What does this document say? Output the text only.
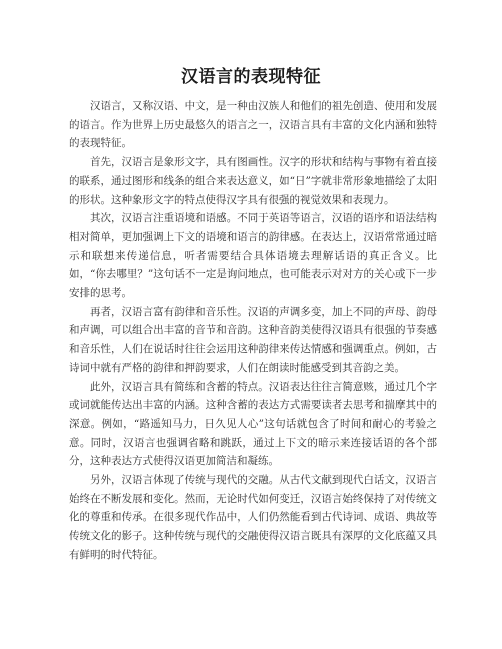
汉语言的表现特征

汉语言，又称汉语、中文，是一种由汉族人和他们的祖先创造、使用和发展的语言。作为世界上历史最悠久的语言之一，汉语言具有丰富的文化内涵和独特的表现特征。

首先，汉语言是象形文字，具有图画性。汉字的形状和结构与事物有着直接的联系，通过图形和线条的组合来表达意义，如“日”字就非常形象地描绘了太阳的形状。这种象形文字的特点使得汉字具有很强的视觉效果和表现力。

其次，汉语言注重语境和语感。不同于英语等语言，汉语的语序和语法结构相对简单，更加强调上下文的语境和语言的韵律感。在表达上，汉语常常通过暗示和联想来传递信息，听者需要结合具体语境去理解话语的真正含义。比如，“你去哪里？”这句话不一定是询问地点，也可能表示对对方的关心或下一步安排的思考。

再者，汉语言富有韵律和音乐性。汉语的声调多变，加上不同的声母、韵母和声调，可以组合出丰富的音节和音韵。这种音韵美使得汉语具有很强的节奏感和音乐性，人们在说话时往往会运用这种韵律来传达情感和强调重点。例如，古诗词中就有严格的韵律和押韵要求，人们在朗读时能感受到其音韵之美。

此外，汉语言具有简练和含蓄的特点。汉语表达往往言简意赅，通过几个字或词就能传达出丰富的内涵。这种含蓄的表达方式需要读者去思考和揣摩其中的深意。例如，“路遥知马力，日久见人心”这句话就包含了时间和耐心的考验之意。同时，汉语言也强调省略和跳跃，通过上下文的暗示来连接话语的各个部分，这种表达方式使得汉语更加简洁和凝练。

另外，汉语言体现了传统与现代的交融。从古代文献到现代白话文，汉语言始终在不断发展和变化。然而，无论时代如何变迁，汉语言始终保持了对传统文化的尊重和传承。在很多现代作品中，人们仍然能看到古代诗词、成语、典故等传统文化的影子。这种传统与现代的交融使得汉语言既具有深厚的文化底蕴又具有鲜明的时代特征。
